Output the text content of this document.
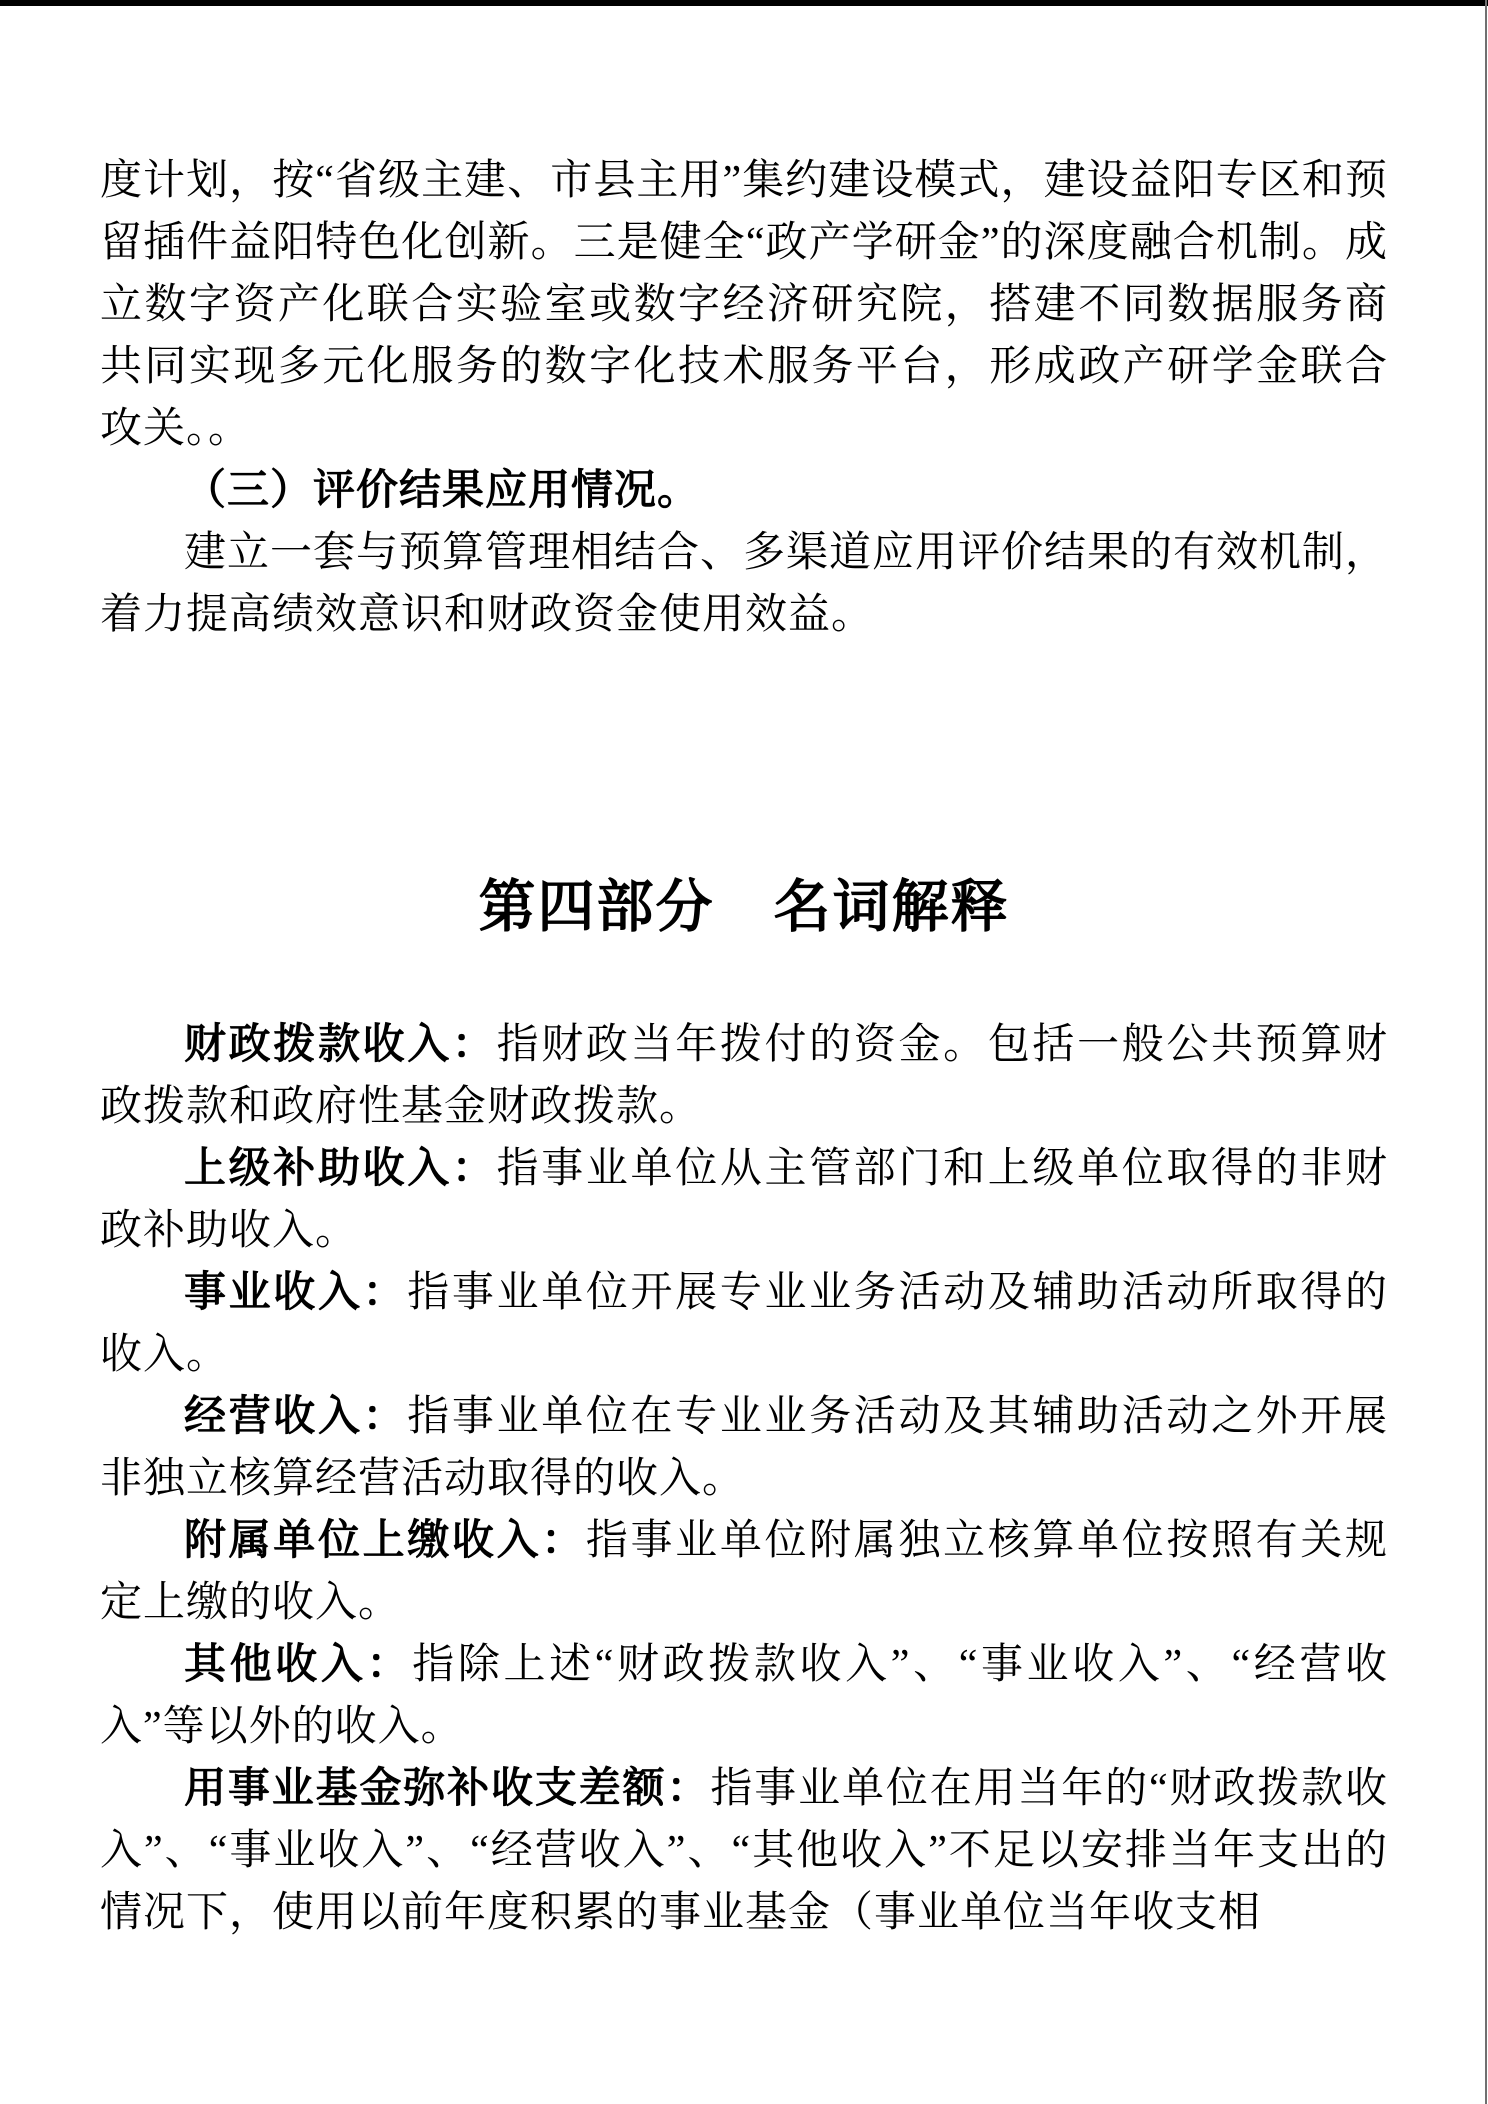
度计划，按“省级主建、市县主用”集约建设模式，建设益阳专区和预留插件益阳特色化创新。三是健全“政产学研金”的深度融合机制。成立数字资产化联合实验室或数字经济研究院，搭建不同数据服务商共同实现多元化服务的数字化技术服务平台，形成政产研学金联合攻关。。

（三）评价结果应用情况。

建立一套与预算管理相结合、多渠道应用评价结果的有效机制，着力提高绩效意识和财政资金使用效益。

第四部分　名词解释

财政拨款收入：指财政当年拨付的资金。包括一般公共预算财政拨款和政府性基金财政拨款。

上级补助收入：指事业单位从主管部门和上级单位取得的非财政补助收入。

事业收入：指事业单位开展专业业务活动及辅助活动所取得的收入。

经营收入：指事业单位在专业业务活动及其辅助活动之外开展非独立核算经营活动取得的收入。

附属单位上缴收入：指事业单位附属独立核算单位按照有关规定上缴的收入。

其他收入：指除上述“财政拨款收入”、“事业收入”、“经营收入”等以外的收入。

用事业基金弥补收支差额：指事业单位在用当年的“财政拨款收入”、“事业收入”、“经营收入”、“其他收入”不足以安排当年支出的情况下，使用以前年度积累的事业基金（事业单位当年收支相
